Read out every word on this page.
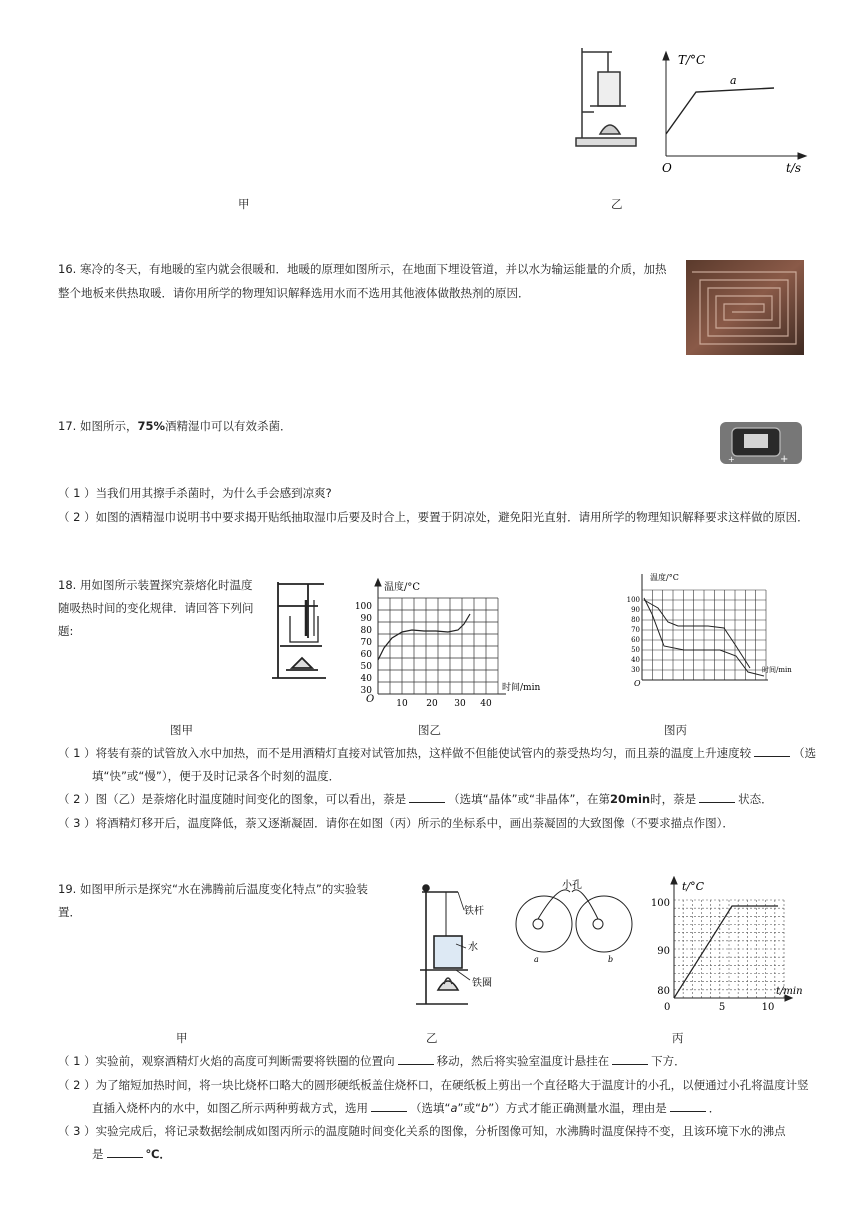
T/°C
t/s
O
a
甲	乙
16. 寒冷的冬天，有地暖的室内就会很暖和．地暖的原理如图所示，在地面下埋设管道，并以水为输运能量的介质，加热
整个地板来供热取暖．请你用所学的物理知识解释选用水而不选用其他液体做散热剂的原因．
17. 如图所示，75%酒精湿巾可以有效杀菌．
+
+
（ 1 ）当我们用其擦手杀菌时，为什么手会感到凉爽?
（ 2 ）如图的酒精湿巾说明书中要求揭开贴纸抽取湿巾后要及时合上，要置于阴凉处，避免阳光直射．请用所学的物理知识解释要求这样做的原因．
18. 用如图所示装置探究萘熔化时温度
随吸热时间的变化规律．请回答下列问
题:
温度/°C
时间/min
O
100
90
80
70
60
50
40
30
10 20 30 40
温度/°C
时间/min
O
100
90
80
70
60
50
40
30
图甲	图乙	图丙
（ 1 ）将装有萘的试管放入水中加热，而不是用酒精灯直接对试管加热，这样做不但能使试管内的萘受热均匀，而且萘的温度上升速度较	（选
填“快”或“慢”），便于及时记录各个时刻的温度．
（ 2 ）图（乙）是萘熔化时温度随时间变化的图象，可以看出，萘是	（选填“晶体”或“非晶体”，在第20min时，萘是	状态．
（ 3 ）将酒精灯移开后，温度降低，萘又逐渐凝固．请你在如图（丙）所示的坐标系中，画出萘凝固的大致图像（不要求描点作图）．
19. 如图甲所示是探究“水在沸腾前后温度变化特点”的实验装
置．	铁杆
水
铁圈
小孔
a	b
t/°C
t/min
0
100
90
80
5	10
甲	乙	丙
（ 1 ）实验前，观察酒精灯火焰的高度可判断需要将铁圈的位置向	移动，然后将实验室温度计悬挂在	下方．
（ 2 ）为了缩短加热时间，将一块比烧杯口略大的圆形硬纸板盖住烧杯口，在硬纸板上剪出一个直径略大于温度计的小孔，以便通过小孔将温度计竖
直插入烧杯内的水中，如图乙所示两种剪裁方式，选用	（选填“a”或“b”）方式才能正确测量水温，理由是	．
（ 3 ）实验完成后，将记录数据绘制成如图丙所示的温度随时间变化关系的图像，分析图像可知，水沸腾时温度保持不变，且该环境下水的沸点
是	℃．
